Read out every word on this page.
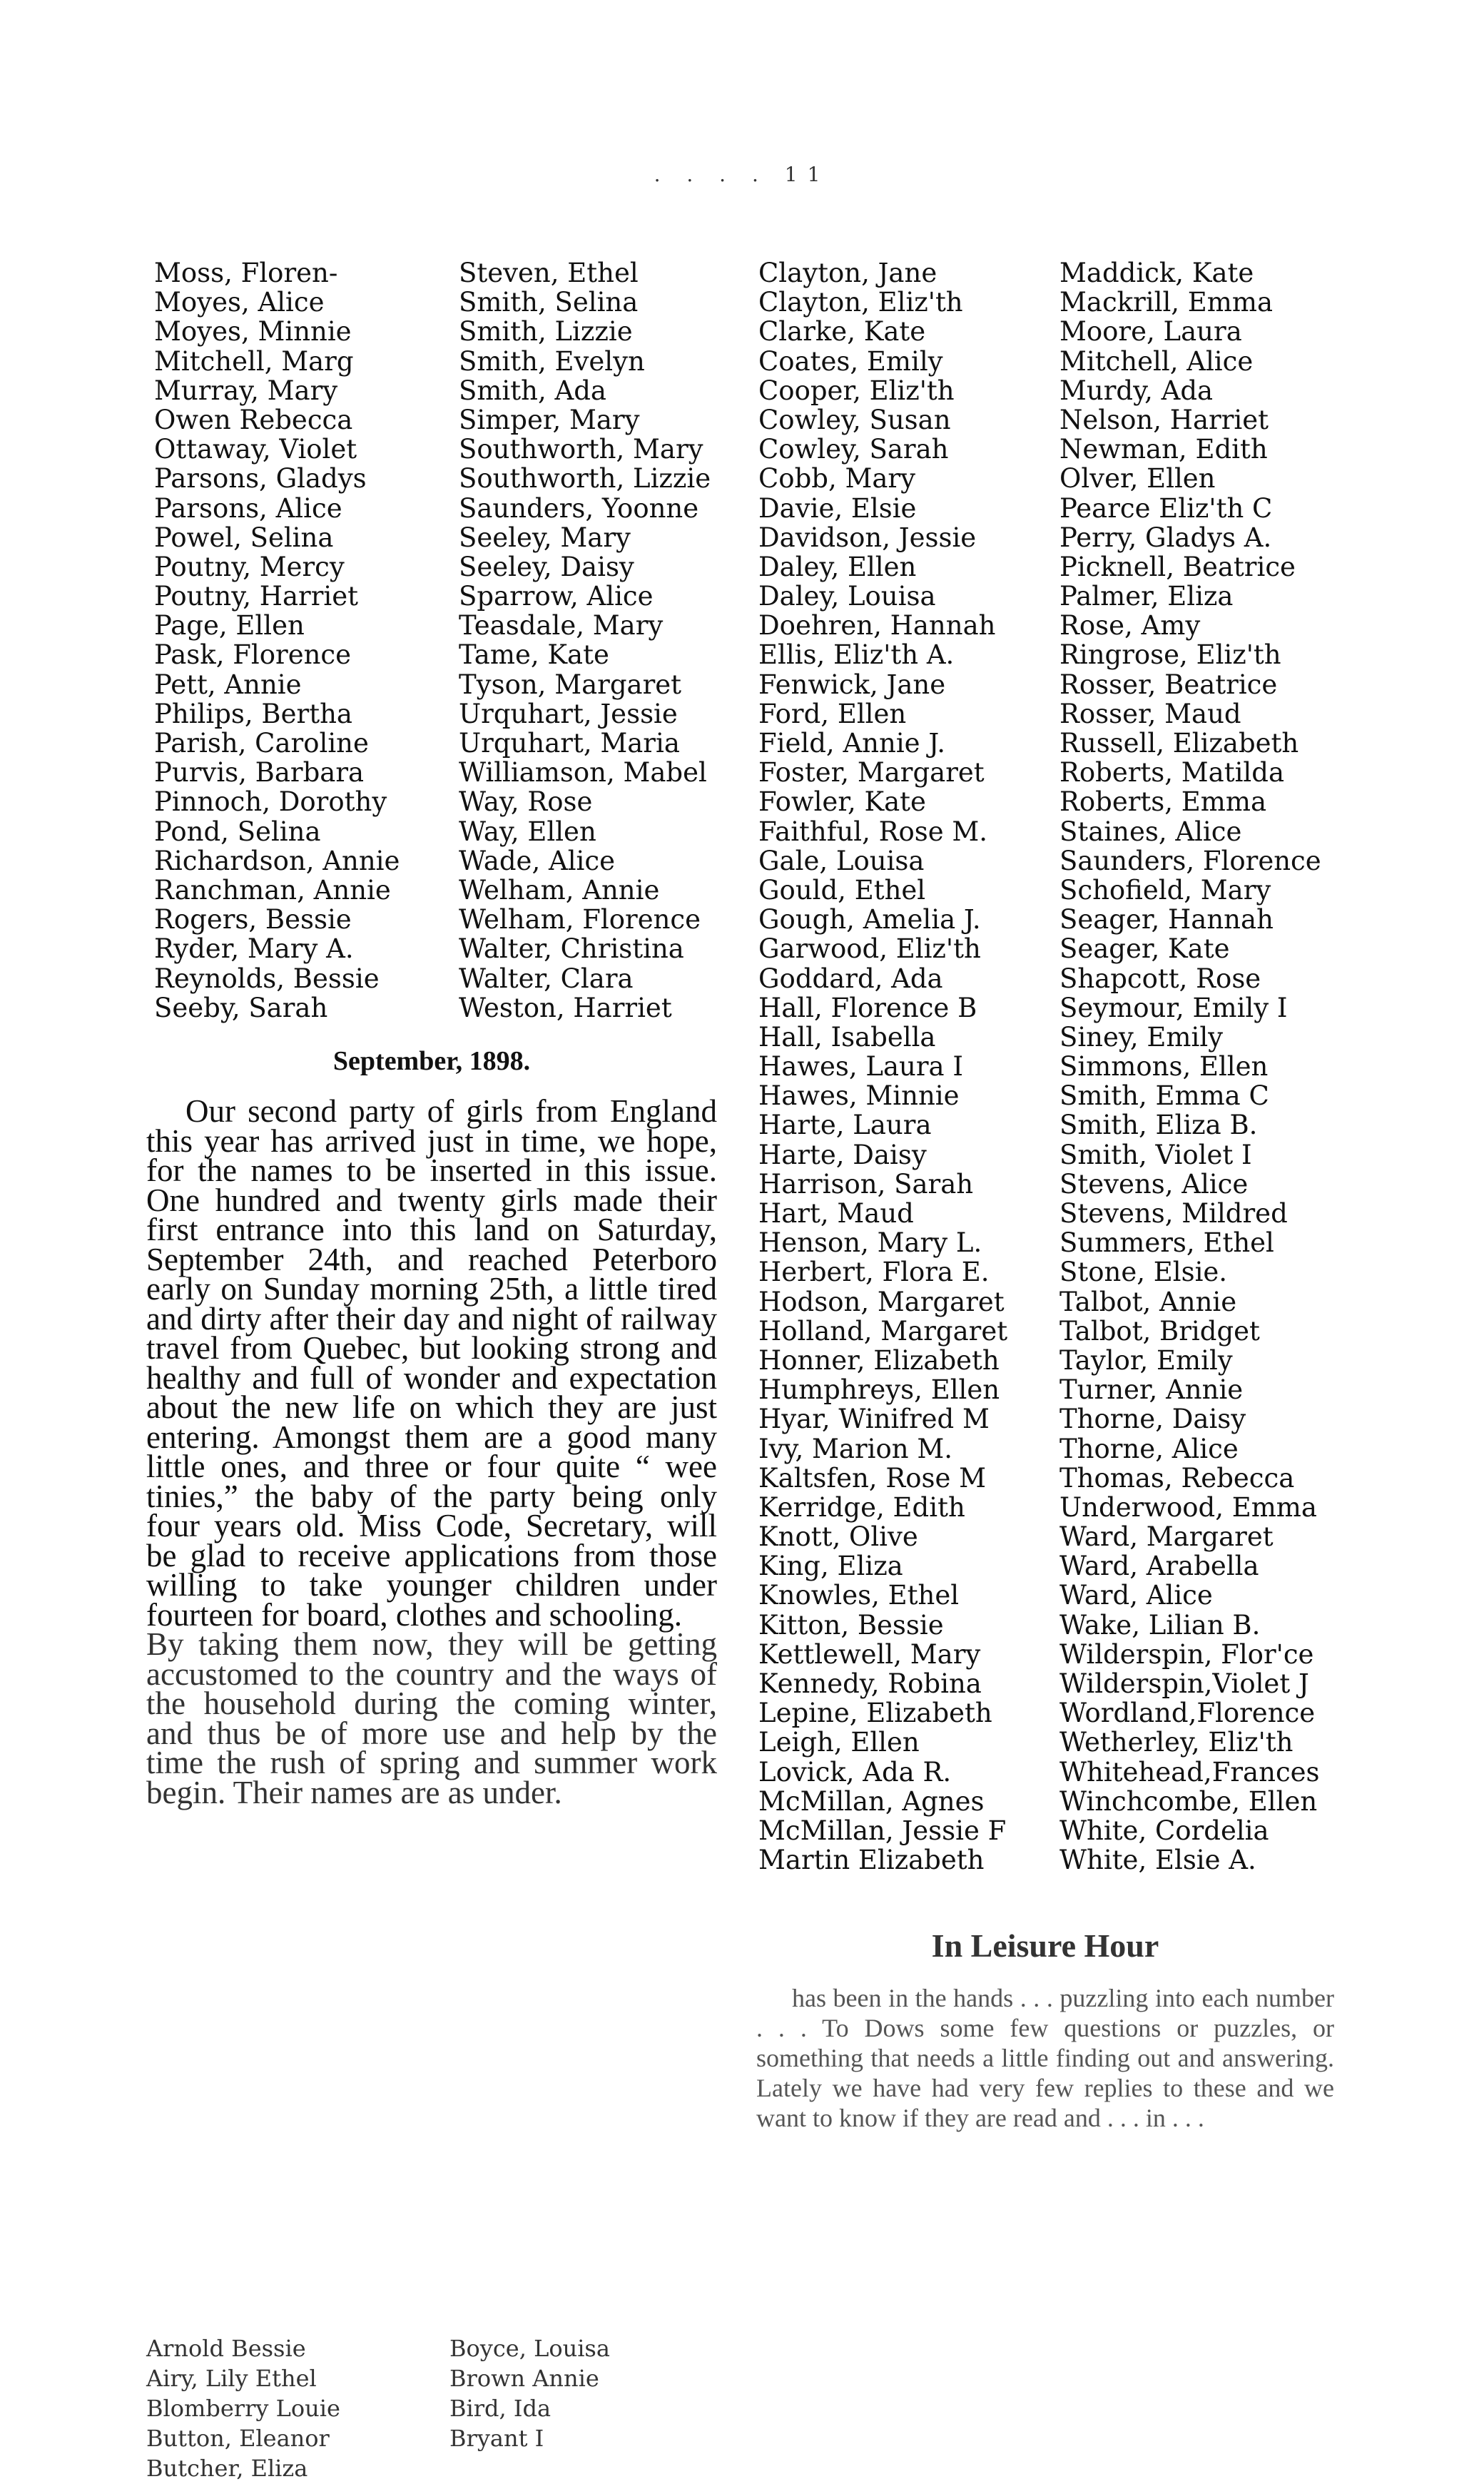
. . . . 11
Moss, Floren-
Moyes, Alice
Moyes, Minnie
Mitchell, Marg
Murray, Mary
Owen Rebecca
Ottaway, Violet
Parsons, Gladys
Parsons, Alice
Powel, Selina
Poutny, Mercy
Poutny, Harriet
Page, Ellen
Pask, Florence
Pett, Annie
Philips, Bertha
Parish, Caroline
Purvis, Barbara
Pinnoch, Dorothy
Pond, Selina
Richardson, Annie
Ranchman, Annie
Rogers, Bessie
Ryder, Mary A.
Reynolds, Bessie
Seeby, Sarah
Steven, Ethel
Smith, Selina
Smith, Lizzie
Smith, Evelyn
Smith, Ada
Simper, Mary
Southworth, Mary
Southworth, Lizzie
Saunders, Yoonne
Seeley, Mary
Seeley, Daisy
Sparrow, Alice
Teasdale, Mary
Tame, Kate
Tyson, Margaret
Urquhart, Jessie
Urquhart, Maria
Williamson, Mabel
Way, Rose
Way, Ellen
Wade, Alice
Welham, Annie
Welham, Florence
Walter, Christina
Walter, Clara
Weston, Harriet
Clayton, Jane
Clayton, Eliz'th
Clarke, Kate
Coates, Emily
Cooper, Eliz'th
Cowley, Susan
Cowley, Sarah
Cobb, Mary
Davie, Elsie
Davidson, Jessie
Daley, Ellen
Daley, Louisa
Doehren, Hannah
Ellis, Eliz'th A.
Fenwick, Jane
Ford, Ellen
Field, Annie J.
Foster, Margaret
Fowler, Kate
Faithful, Rose M.
Gale, Louisa
Gould, Ethel
Gough, Amelia J.
Garwood, Eliz'th
Goddard, Ada
Hall, Florence B
Hall, Isabella
Hawes, Laura I
Hawes, Minnie
Harte, Laura
Harte, Daisy
Harrison, Sarah
Hart, Maud
Henson, Mary L.
Herbert, Flora E.
Hodson, Margaret
Holland, Margaret
Honner, Elizabeth
Humphreys, Ellen
Hyar, Winifred M
Ivy, Marion M.
Kaltsfen, Rose M
Kerridge, Edith
Knott, Olive
King, Eliza
Knowles, Ethel
Kitton, Bessie
Kettlewell, Mary
Kennedy, Robina
Lepine, Elizabeth
Leigh, Ellen
Lovick, Ada R.
McMillan, Agnes
McMillan, Jessie F
Martin Elizabeth
Maddick, Kate
Mackrill, Emma
Moore, Laura
Mitchell, Alice
Murdy, Ada
Nelson, Harriet
Newman, Edith
Olver, Ellen
Pearce Eliz'th C
Perry, Gladys A.
Picknell, Beatrice
Palmer, Eliza
Rose, Amy
Ringrose, Eliz'th
Rosser, Beatrice
Rosser, Maud
Russell, Elizabeth
Roberts, Matilda
Roberts, Emma
Staines, Alice
Saunders, Florence
Schofield, Mary
Seager, Hannah
Seager, Kate
Shapcott, Rose
Seymour, Emily I
Siney, Emily
Simmons, Ellen
Smith, Emma C
Smith, Eliza B.
Smith, Violet I
Stevens, Alice
Stevens, Mildred
Summers, Ethel
Stone, Elsie.
Talbot, Annie
Talbot, Bridget
Taylor, Emily
Turner, Annie
Thorne, Daisy
Thorne, Alice
Thomas, Rebecca
Underwood, Emma
Ward, Margaret
Ward, Arabella
Ward, Alice
Wake, Lilian B.
Wilderspin, Flor'ce
Wilderspin,Violet J
Wordland,Florence
Wetherley, Eliz'th
Whitehead,Frances
Winchcombe, Ellen
White, Cordelia
White, Elsie A.
September, 1898.

Our second party of girls from England this year has arrived just in time, we hope, for the names to be inserted in this issue. One hundred and twenty girls made their first entrance into this land on Saturday, September 24th, and reached Peterboro early on Sunday morning 25th, a little tired and dirty after their day and night of railway travel from Quebec, but looking strong and healthy and full of wonder and expectation about the new life on which they are just entering. Amongst them are a good many little ones, and three or four quite “ wee tinies,” the baby of the party being only four years old. Miss Code, Secretary, will be glad to receive applications from those willing to take younger children under fourteen for board, clothes and schooling.

By taking them now, they will be getting accustomed to the country and the ways of the household during the coming winter, and thus be of more use and help by the time the rush of spring and summer work begin. Their names are as under.

Arnold Bessie
Airy, Lily Ethel
Blomberry Louie
Button, Eleanor
Butcher, Eliza
Boyce, Louisa
Brown Annie
Bird, Ida
Bryant I
In Leisure Hour

has been in the hands . . . puzzling into each number . . . To Dows some few questions or puzzles, or something that needs a little finding out and answering. Lately we have had very few replies to these and we want to know if they are read and . . . in . . .
